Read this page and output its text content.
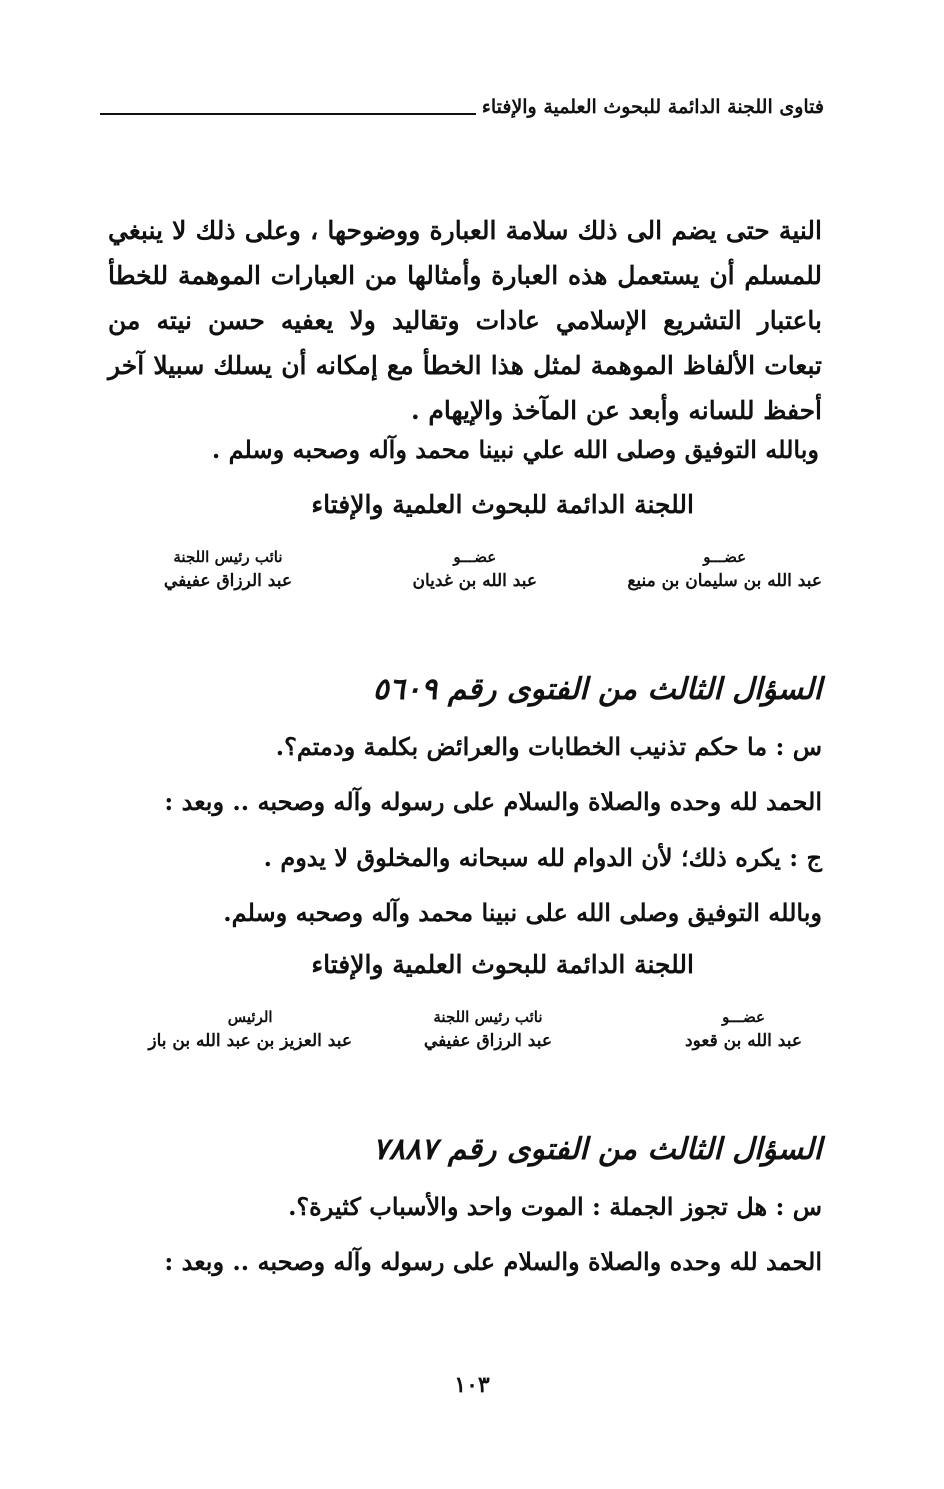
فتاوى اللجنة الدائمة للبحوث العلمية والإفتاء

النية حتى يضم الى ذلك سلامة العبارة ووضوحها ، وعلى ذلك لا ينبغي للمسلم أن يستعمل هذه العبارة وأمثالها من العبارات الموهمة للخطأ باعتبار التشريع الإسلامي عادات وتقاليد ولا يعفيه حسن نيته من تبعات الألفاظ الموهمة لمثل هذا الخطأ مع إمكانه أن يسلك سبيلا آخر أحفظ للسانه وأبعد عن المآخذ والإيهام .

وبالله التوفيق وصلى الله علي نبينا محمد وآله وصحبه وسلم .
اللجنة الدائمة للبحوث العلمية والإفتاء
عضـــو
عبد الله بن سليمان بن منيع
عضـــو
عبد الله بن غديان
نائب رئيس اللجنة
عبد الرزاق عفيفي
السؤال الثالث من الفتوى رقم ٥٦٠٩
س : ما حكم تذنيب الخطابات والعرائض بكلمة ودمتم؟.
الحمد لله وحده والصلاة والسلام على رسوله وآله وصحبه .. وبعد :
ج : يكره ذلك؛ لأن الدوام لله سبحانه والمخلوق لا يدوم .
وبالله التوفيق وصلى الله على نبينا محمد وآله وصحبه وسلم.
اللجنة الدائمة للبحوث العلمية والإفتاء
عضـــو
عبد الله بن قعود
نائب رئيس اللجنة
عبد الرزاق عفيفي
الرئيس
عبد العزيز بن عبد الله بن باز
السؤال الثالث من الفتوى رقم ٧٨٨٧
س : هل تجوز الجملة : الموت واحد والأسباب كثيرة؟.
الحمد لله وحده والصلاة والسلام على رسوله وآله وصحبه .. وبعد :
١٠٣
